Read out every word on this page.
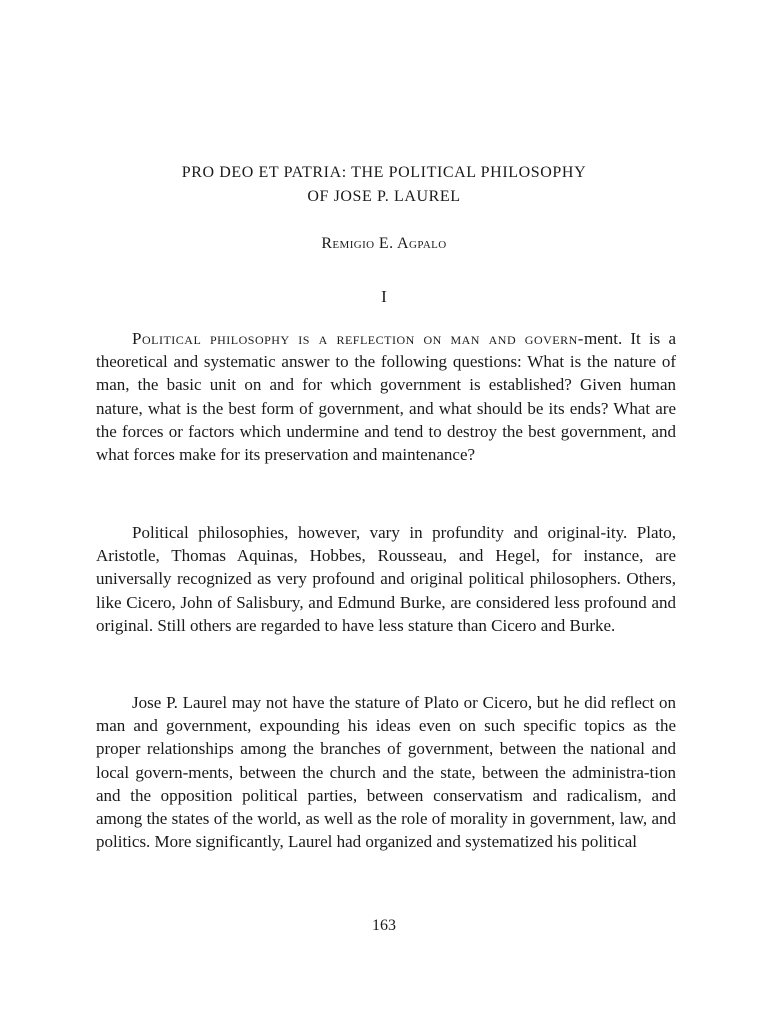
PRO DEO ET PATRIA: THE POLITICAL PHILOSOPHY
OF JOSE P. LAUREL
Remigio E. Agpalo
I

Political philosophy is a reflection on man and govern-ment. It is a theoretical and systematic answer to the following questions: What is the nature of man, the basic unit on and for which government is established? Given human nature, what is the best form of government, and what should be its ends? What are the forces or factors which undermine and tend to destroy the best government, and what forces make for its preservation and maintenance?

Political philosophies, however, vary in profundity and original-ity. Plato, Aristotle, Thomas Aquinas, Hobbes, Rousseau, and Hegel, for instance, are universally recognized as very profound and original political philosophers. Others, like Cicero, John of Salisbury, and Edmund Burke, are considered less profound and original. Still others are regarded to have less stature than Cicero and Burke.

Jose P. Laurel may not have the stature of Plato or Cicero, but he did reflect on man and government, expounding his ideas even on such specific topics as the proper relationships among the branches of government, between the national and local govern-ments, between the church and the state, between the administra-tion and the opposition political parties, between conservatism and radicalism, and among the states of the world, as well as the role of morality in government, law, and politics. More significantly, Laurel had organized and systematized his political

163
